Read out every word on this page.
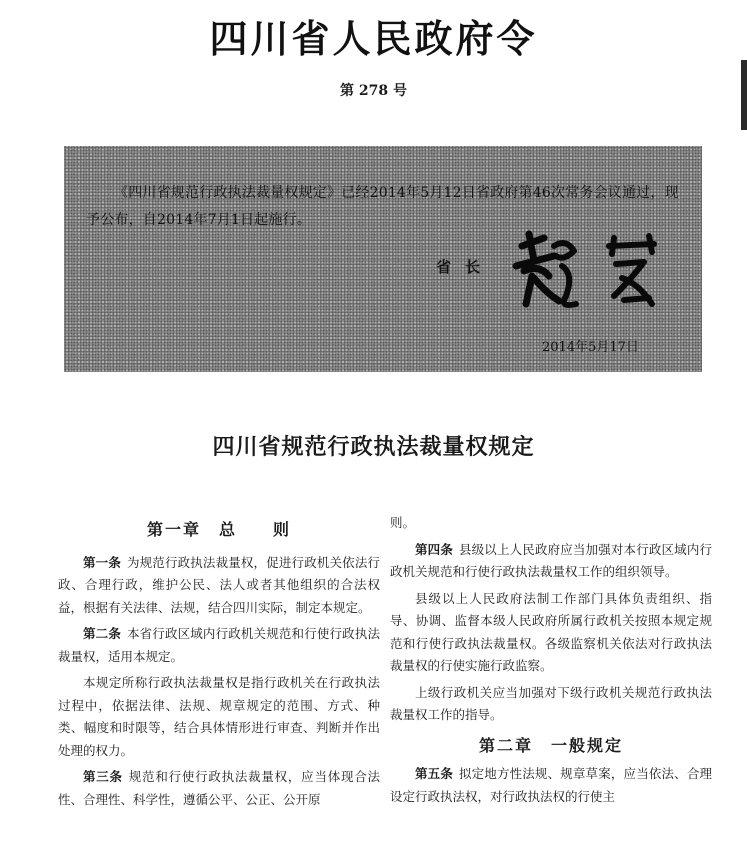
四川省人民政府令
第 278 号

《四川省规范行政执法裁量权规定》已经2014年5月12日省政府第46次常务会议通过，现予公布，自2014年7月1日起施行。

省长
2014年5月17日
四川省规范行政执法裁量权规定
第一章　总　　则

第一条 为规范行政执法裁量权，促进行政机关依法行政、合理行政，维护公民、法人或者其他组织的合法权益，根据有关法律、法规，结合四川实际，制定本规定。

第二条 本省行政区域内行政机关规范和行使行政执法裁量权，适用本规定。

本规定所称行政执法裁量权是指行政机关在行政执法过程中，依据法律、法规、规章规定的范围、方式、种类、幅度和时限等，结合具体情形进行审查、判断并作出处理的权力。

第三条 规范和行使行政执法裁量权，应当体现合法性、合理性、科学性，遵循公平、公正、公开原

则。

第四条 县级以上人民政府应当加强对本行政区域内行政机关规范和行使行政执法裁量权工作的组织领导。

县级以上人民政府法制工作部门具体负责组织、指导、协调、监督本级人民政府所属行政机关按照本规定规范和行使行政执法裁量权。各级监察机关依法对行政执法裁量权的行使实施行政监察。

上级行政机关应当加强对下级行政机关规范行政执法裁量权工作的指导。

第二章　一般规定

第五条 拟定地方性法规、规章草案，应当依法、合理设定行政执法权，对行政执法权的行使主
